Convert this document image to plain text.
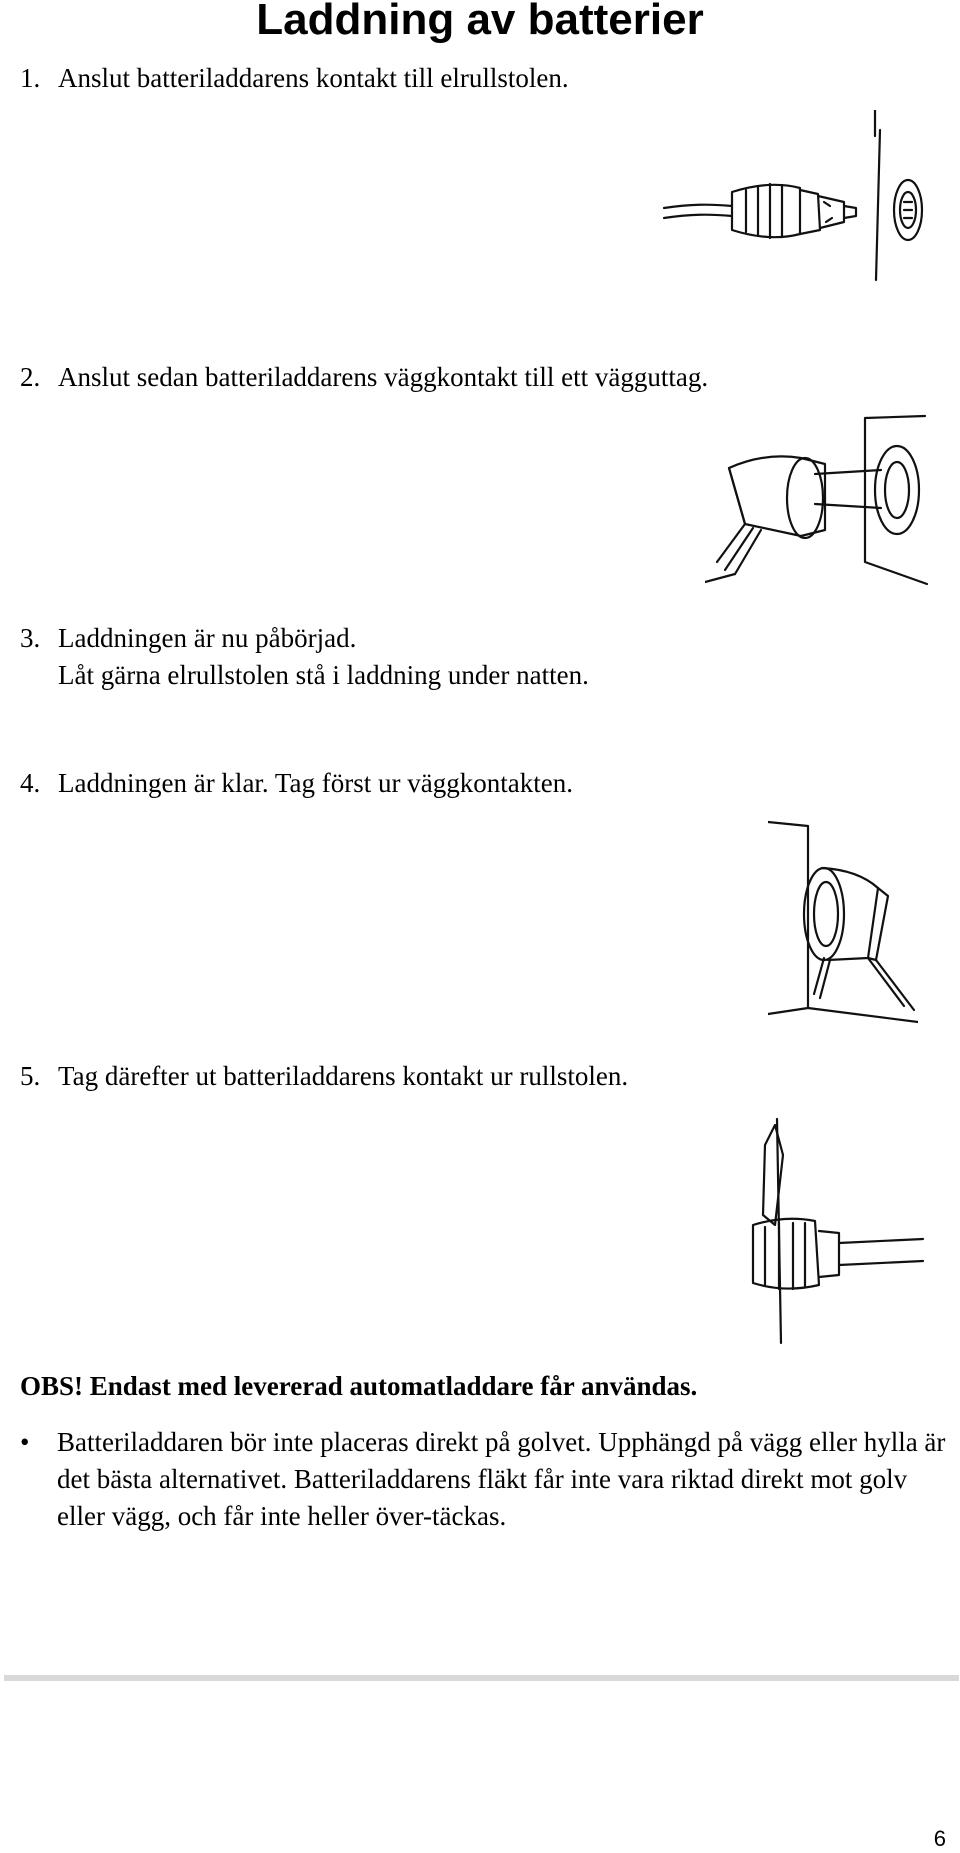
Laddning av batterier
1. Anslut batteriladdarens kontakt till elrullstolen.
2. Anslut sedan batteriladdarens väggkontakt till ett vägguttag.
3. Laddningen är nu påbörjad.
Låt gärna elrullstolen stå i laddning under natten.
4. Laddningen är klar. Tag först ur väggkontakten.
5. Tag därefter ut batteriladdarens kontakt ur rullstolen.
OBS! Endast med levererad automatladdare får användas.
•	Batteriladdaren bör inte placeras direkt på golvet. Upphängd på vägg eller hylla är det bästa alternativet. Batteriladdarens fläkt får inte vara riktad direkt mot golv eller vägg, och får inte heller över-täckas.
6
